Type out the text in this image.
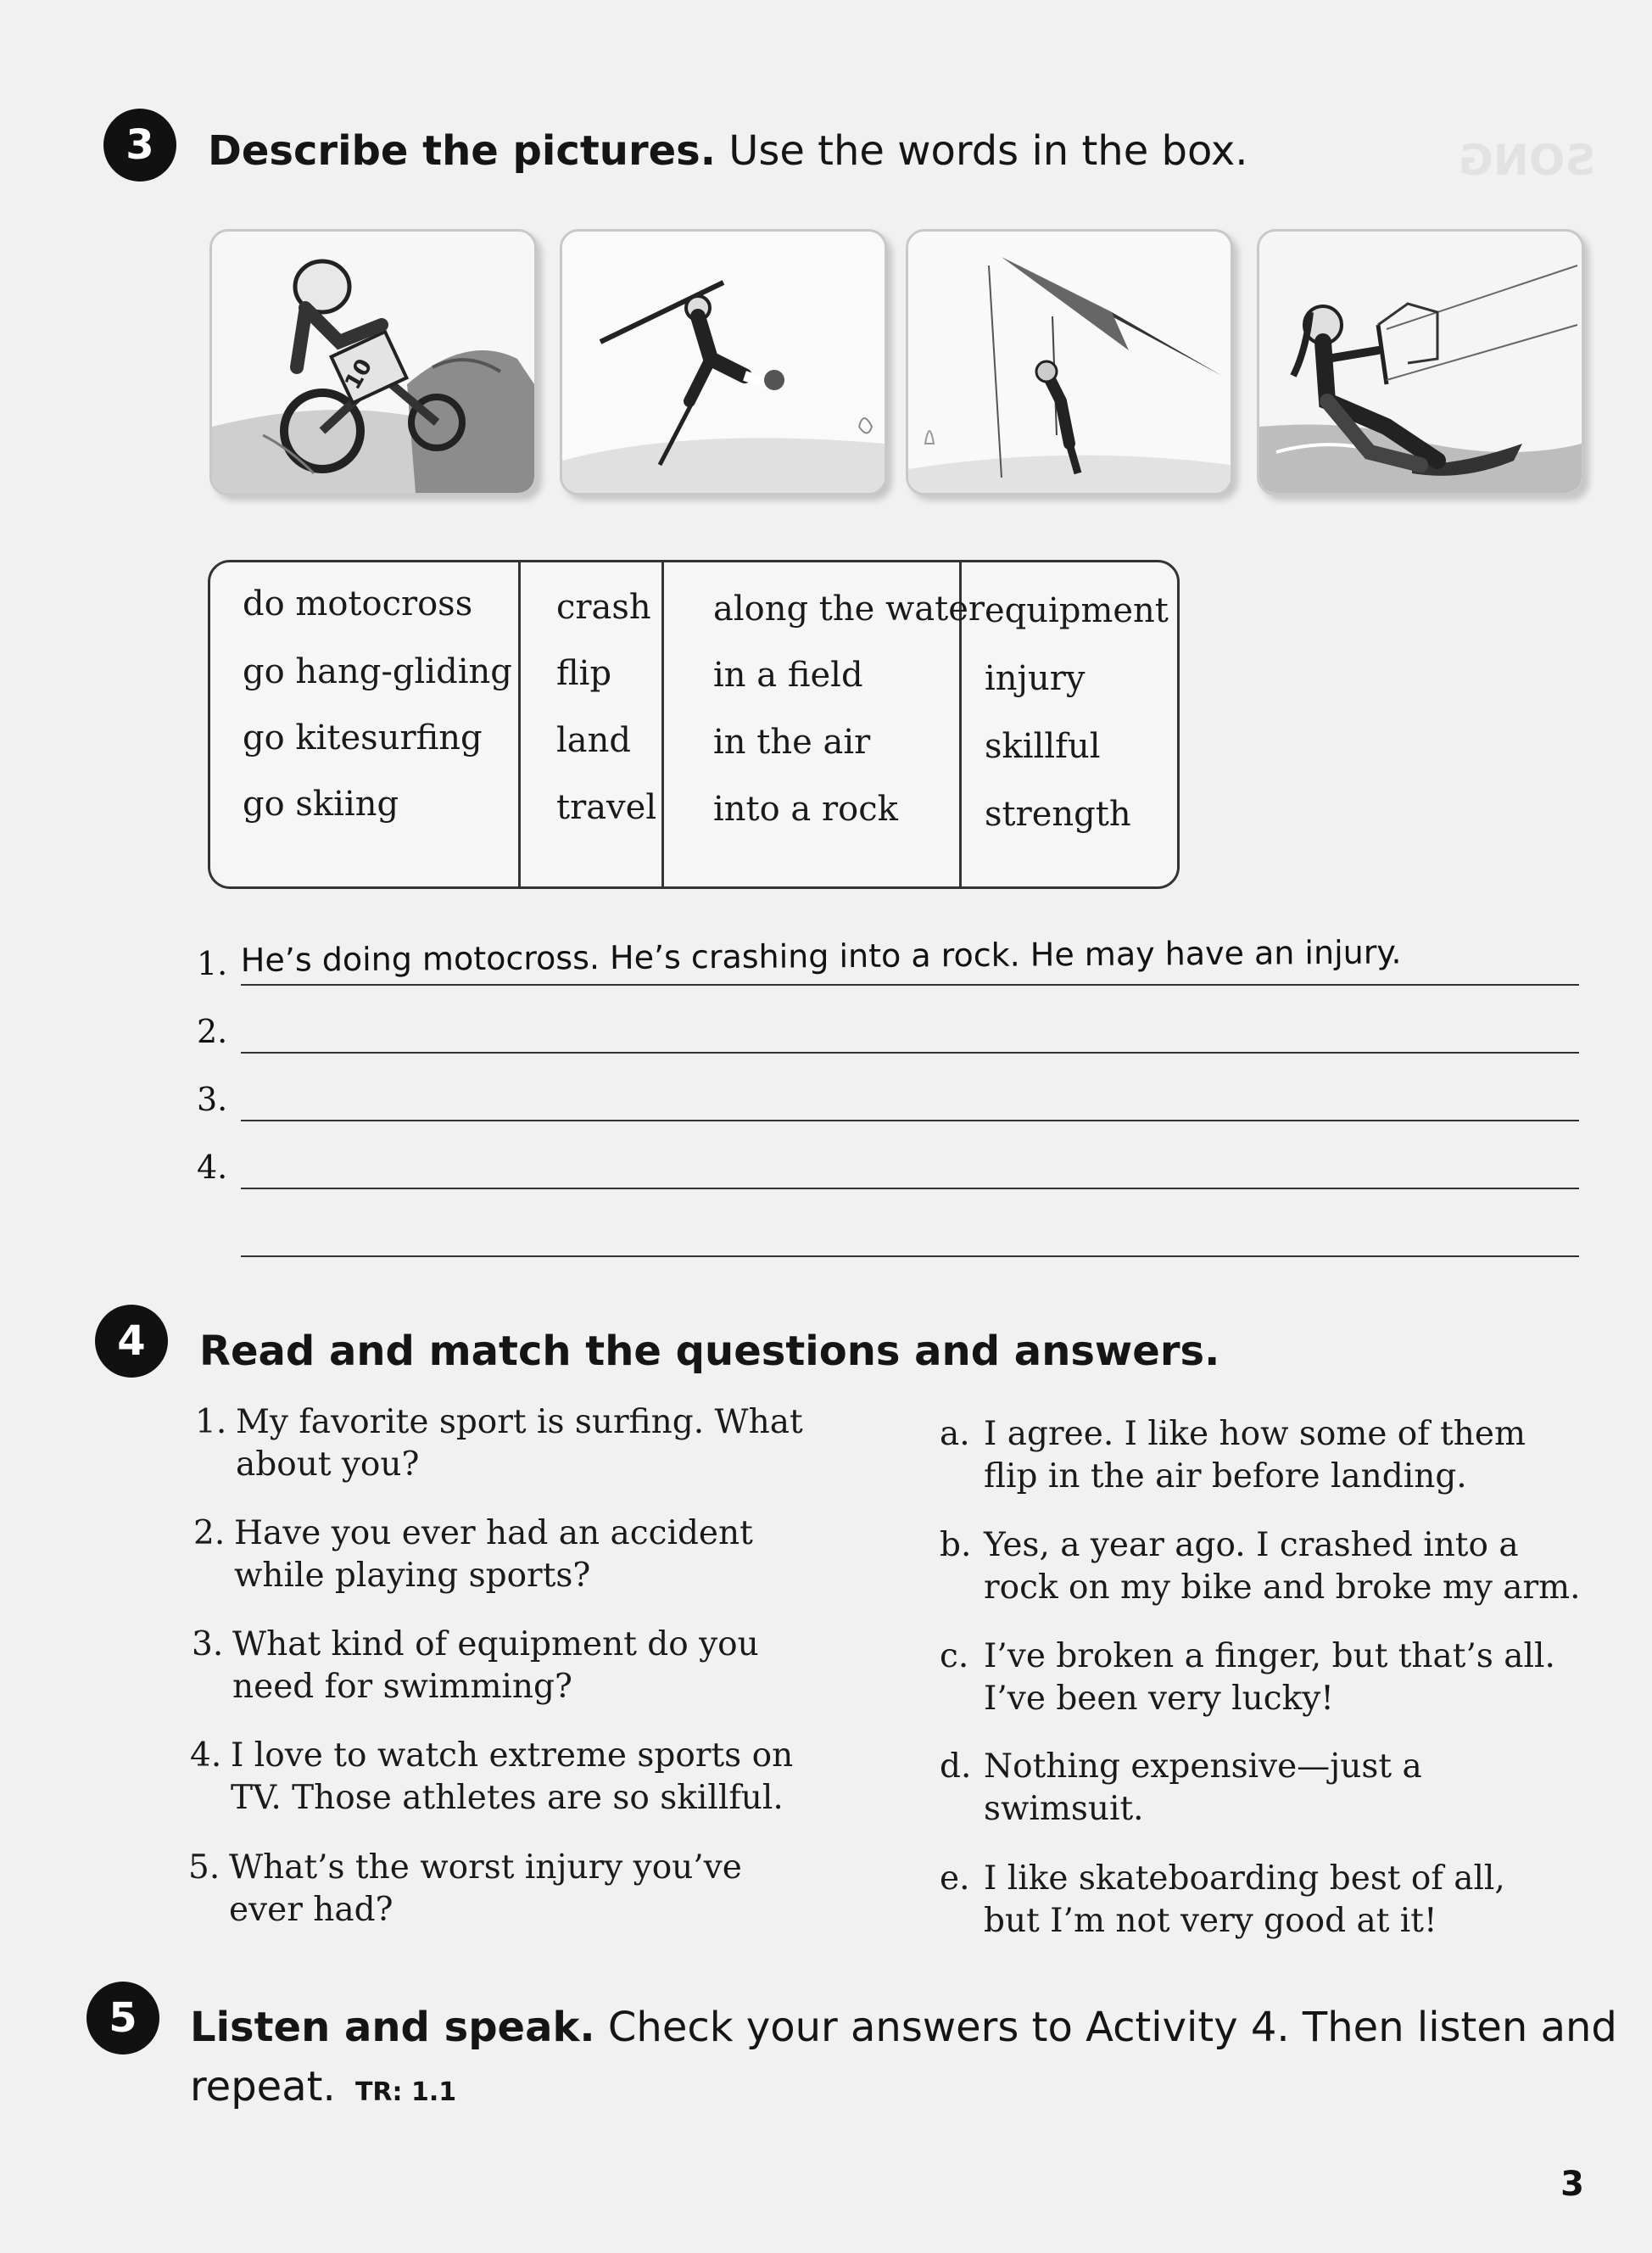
SONG
3 Describe the pictures. Use the words in the box.
10
do motocross
go hang-gliding
go kitesurfing
go skiing
crash
flip
land
travel
along the water
in a field
in the air
into a rock
equipment
injury
skillful
strength
1. He’s doing motocross. He’s crashing into a rock. He may have an injury.
2.
3.
4.
4 Read and match the questions and answers.
1. My favorite sport is surfing. What
about you?
2. Have you ever had an accident
while playing sports?
3. What kind of equipment do you
need for swimming?
4. I love to watch extreme sports on
TV. Those athletes are so skillful.
5. What’s the worst injury you’ve
ever had?
a. I agree. I like how some of them
flip in the air before landing.
b. Yes, a year ago. I crashed into a
rock on my bike and broke my arm.
c. I’ve broken a finger, but that’s all.
I’ve been very lucky!
d. Nothing expensive—just a
swimsuit.
e. I like skateboarding best of all,
but I’m not very good at it!
5 Listen and speak. Check your answers to Activity 4. Then listen and
repeat. TR: 1.1
3
